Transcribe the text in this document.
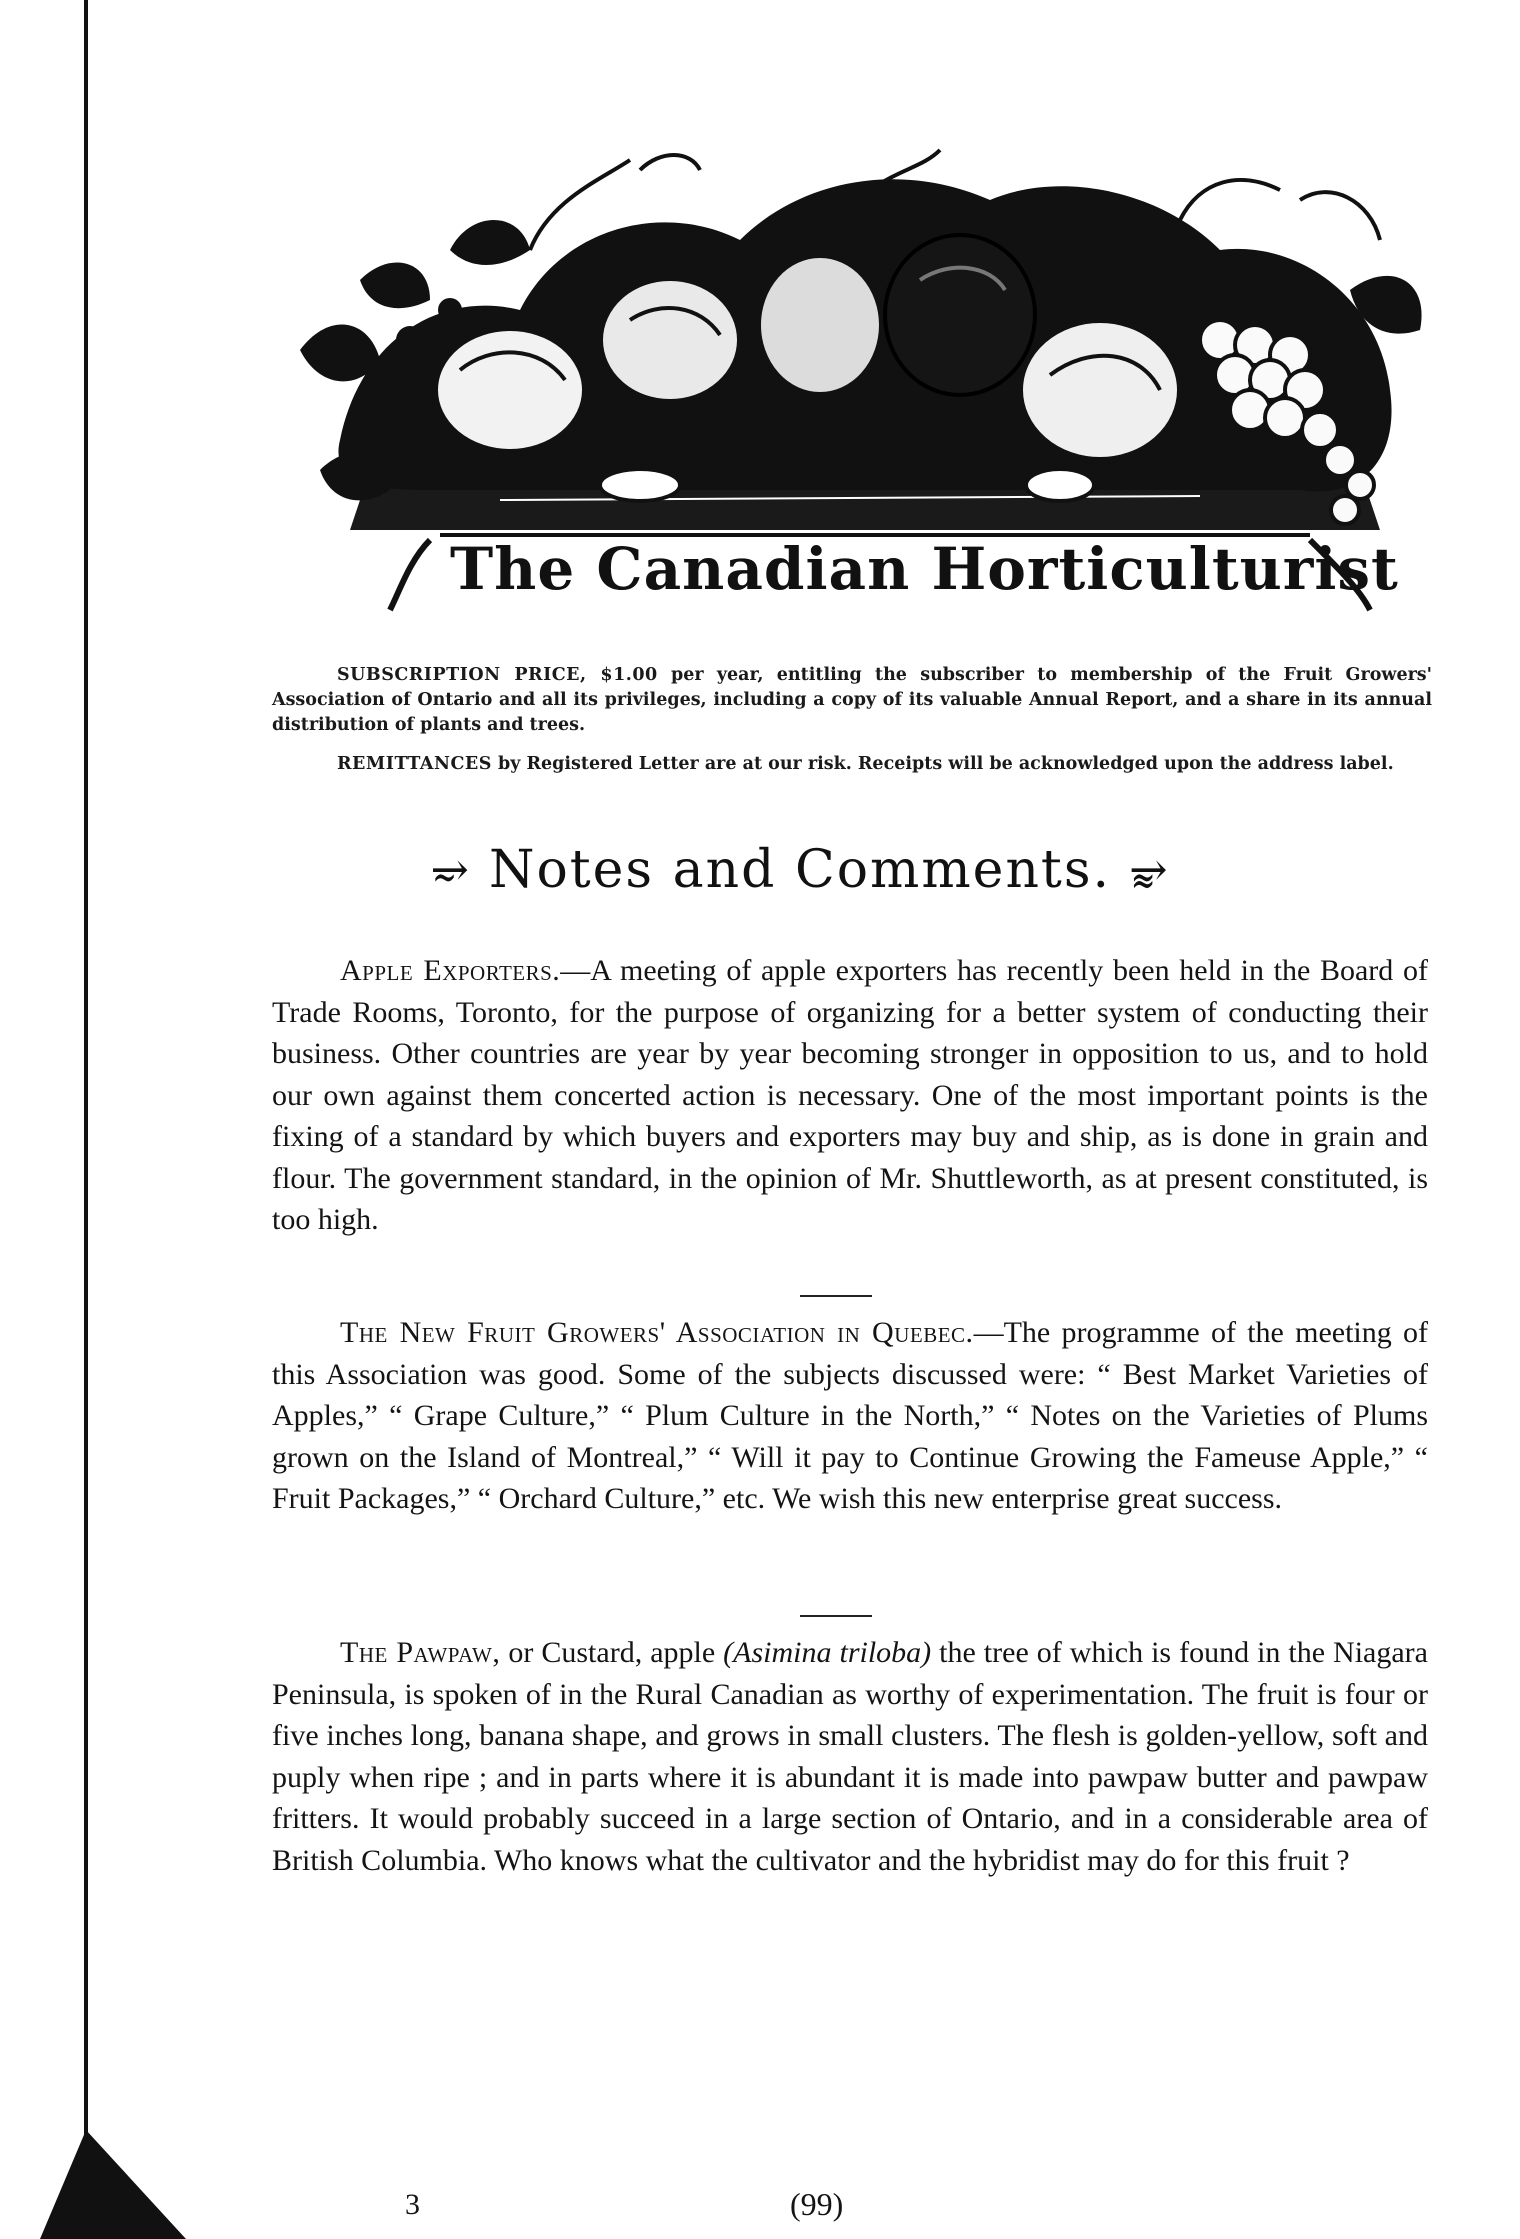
The Canadian Horticulturist
SUBSCRIPTION PRICE, $1.00 per year, entitling the subscriber to membership of the Fruit Growers' Association of Ontario and all its privileges, including a copy of its valuable Annual Report, and a share in its annual distribution of plants and trees.
REMITTANCES by Registered Letter are at our risk. Receipts will be acknowledged upon the address label.
⥴ Notes and Comments. ⥵
Apple Exporters.—A meeting of apple exporters has recently been held in the Board of Trade Rooms, Toronto, for the purpose of organizing for a better system of conducting their business. Other countries are year by year becoming stronger in opposition to us, and to hold our own against them concerted action is necessary. One of the most important points is the fixing of a standard by which buyers and exporters may buy and ship, as is done in grain and flour. The government standard, in the opinion of Mr. Shuttleworth, as at present constituted, is too high.
The New Fruit Growers' Association in Quebec.—The programme of the meeting of this Association was good. Some of the subjects discussed were: “ Best Market Varieties of Apples,” “ Grape Culture,” “ Plum Culture in the North,” “ Notes on the Varieties of Plums grown on the Island of Montreal,” “ Will it pay to Continue Growing the Fameuse Apple,” “ Fruit Packages,” “ Orchard Culture,” etc. We wish this new enterprise great success.
The Pawpaw, or Custard, apple (Asimina triloba) the tree of which is found in the Niagara Peninsula, is spoken of in the Rural Canadian as worthy of experimentation. The fruit is four or five inches long, banana shape, and grows in small clusters. The flesh is golden-yellow, soft and puply when ripe ; and in parts where it is abundant it is made into pawpaw butter and pawpaw fritters. It would probably succeed in a large section of Ontario, and in a considerable area of British Columbia. Who knows what the cultivator and the hybridist may do for this fruit ?
3	(99)
